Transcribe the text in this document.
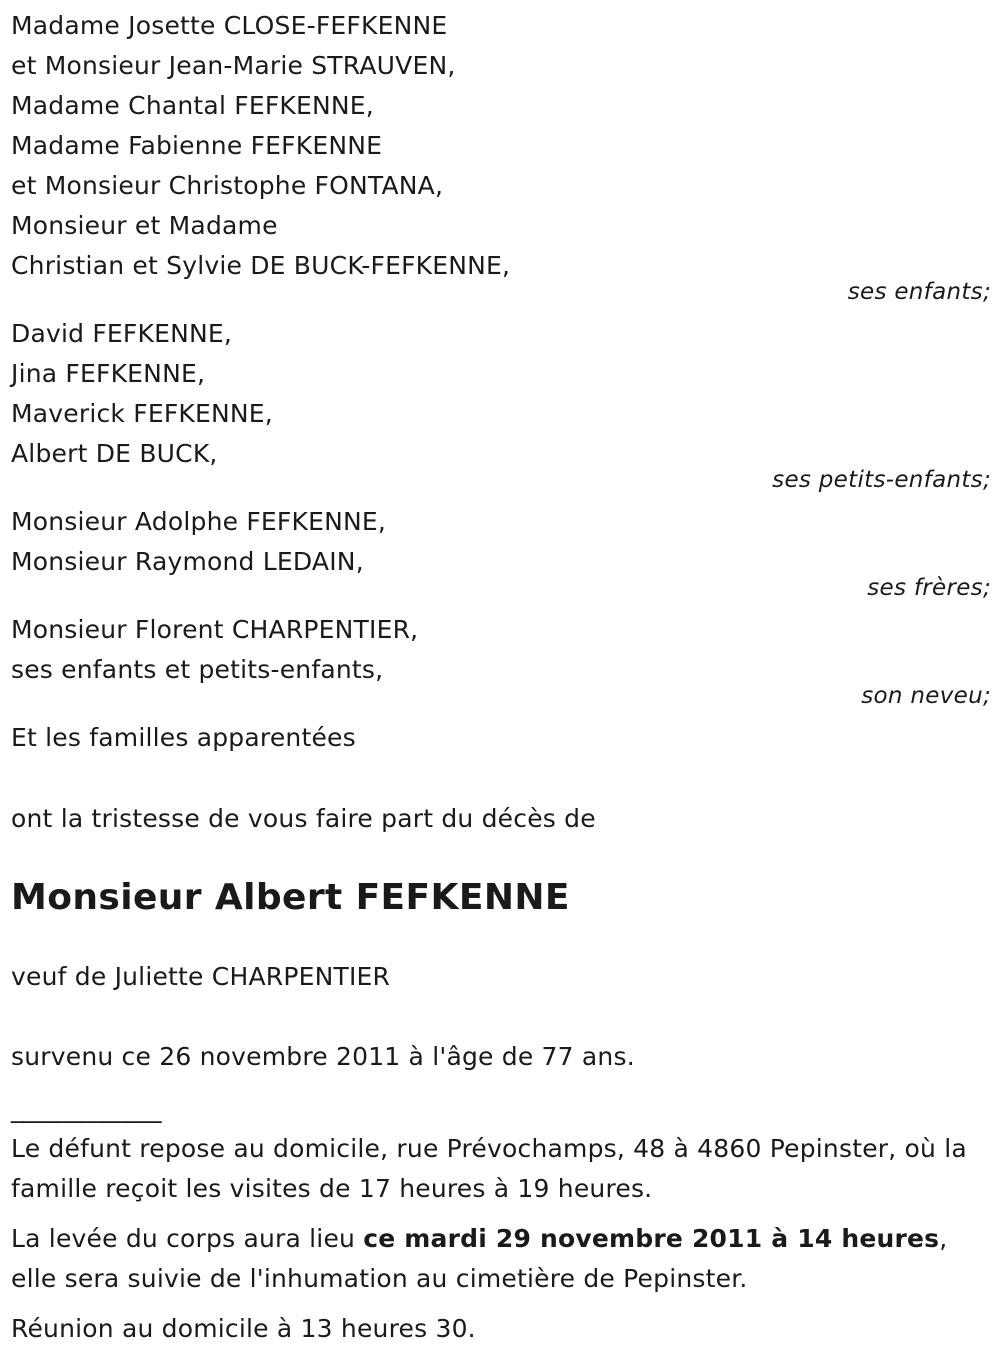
Madame Josette CLOSE-FEFKENNE
et Monsieur Jean-Marie STRAUVEN,
Madame Chantal FEFKENNE,
Madame Fabienne FEFKENNE
et Monsieur Christophe FONTANA,
Monsieur et Madame
Christian et Sylvie DE BUCK-FEFKENNE,
ses enfants;
David FEFKENNE,
Jina FEFKENNE,
Maverick FEFKENNE,
Albert DE BUCK,
ses petits-enfants;
Monsieur Adolphe FEFKENNE,
Monsieur Raymond LEDAIN,
ses frères;
Monsieur Florent CHARPENTIER,
ses enfants et petits-enfants,
son neveu;
Et les familles apparentées
ont la tristesse de vous faire part du décès de
Monsieur Albert FEFKENNE
veuf de Juliette CHARPENTIER
survenu ce 26 novembre 2011 à l'âge de 77 ans.
_____________
Le défunt repose au domicile, rue Prévochamps, 48 à 4860 Pepinster, où la famille reçoit les visites de 17 heures à 19 heures.
La levée du corps aura lieu ce mardi 29 novembre 2011 à 14 heures, elle sera suivie de l'inhumation au cimetière de Pepinster.
Réunion au domicile à 13 heures 30.
